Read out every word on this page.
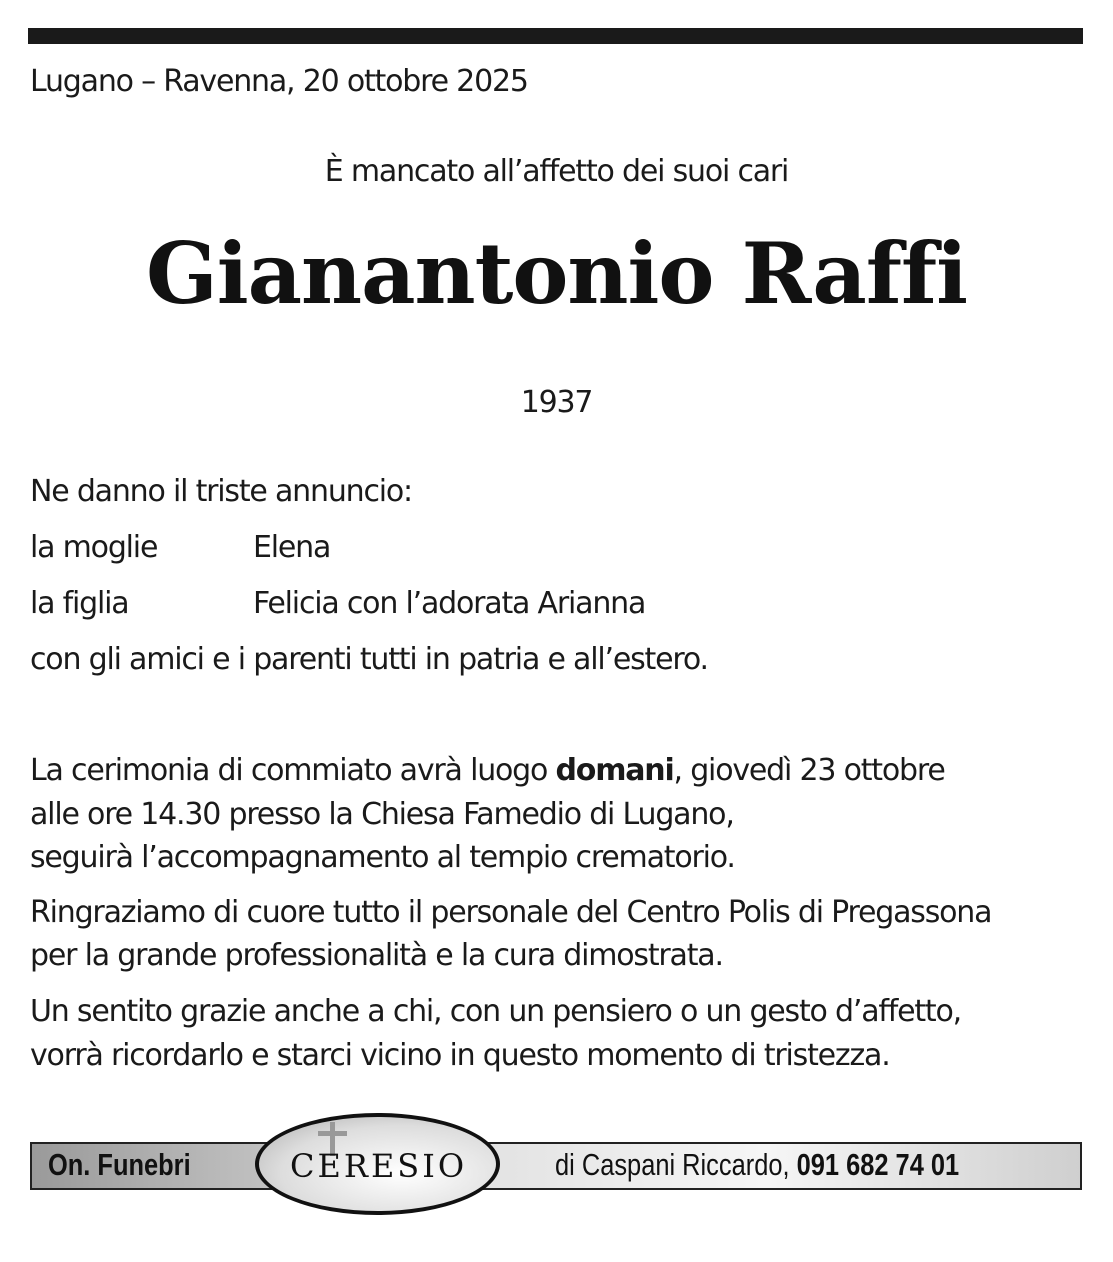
Lugano – Ravenna, 20 ottobre 2025
È mancato all’affetto dei suoi cari
Gianantonio Raffi
1937
Ne danno il triste annuncio:
la moglie	Elena
la figlia	Felicia con l’adorata Arianna
con gli amici e i parenti tutti in patria e all’estero.
La cerimonia di commiato avrà luogo domani, giovedì 23 ottobre
alle ore 14.30 presso la Chiesa Famedio di Lugano,
seguirà l’accompagnamento al tempio crematorio.
Ringraziamo di cuore tutto il personale del Centro Polis di Pregassona
per la grande professionalità e la cura dimostrata.
Un sentito grazie anche a chi, con un pensiero o un gesto d’affetto,
vorrà ricordarlo e starci vicino in questo momento di tristezza.
On. Funebri	CERESIO	di Caspani Riccardo, 091 682 74 01
